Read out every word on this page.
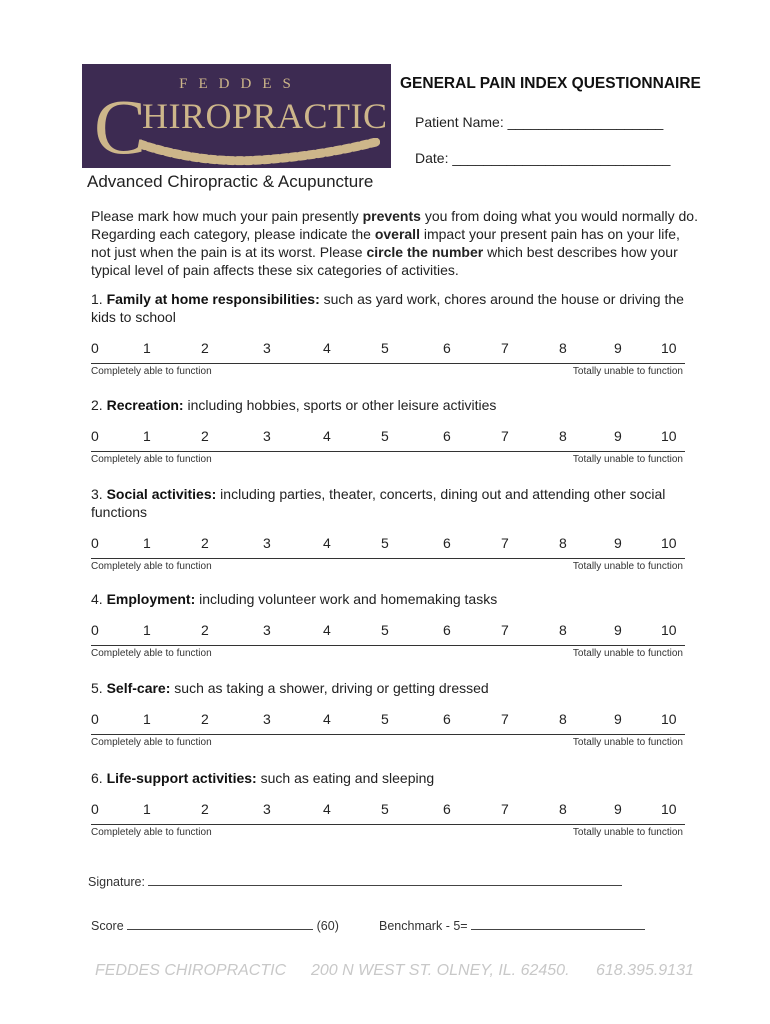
FEDDES
C
HIROPRACTIC
GENERAL PAIN INDEX QUESTIONNAIRE
Patient Name: ____________________
Date: ____________________________
Advanced Chiropractic & Acupuncture

Please mark how much your pain presently prevents you from doing what you would normally do. Regarding each category, please indicate the overall impact your present pain has on your life, not just when the pain is at its worst. Please circle the number which best describes how your typical level of pain affects these six categories of activities.

1. Family at home responsibilities: such as yard work, chores around the house or driving the kids to school

0	1	2	3	4	5	6	7	8	9	10
Completely able to function	Totally unable to function

2. Recreation: including hobbies, sports or other leisure activities

0	1	2	3	4	5	6	7	8	9	10
Completely able to function	Totally unable to function

3. Social activities: including parties, theater, concerts, dining out and attending other social functions

0	1	2	3	4	5	6	7	8	9	10
Completely able to function	Totally unable to function

4. Employment: including volunteer work and homemaking tasks

0	1	2	3	4	5	6	7	8	9	10
Completely able to function	Totally unable to function

5. Self-care: such as taking a shower, driving or getting dressed

0	1	2	3	4	5	6	7	8	9	10
Completely able to function	Totally unable to function

6. Life-support activities: such as eating and sleeping

0	1	2	3	4	5	6	7	8	9	10
Completely able to function	Totally unable to function
Signature:
Score	(60)	Benchmark - 5=
FEDDES CHIROPRACTIC 200 N WEST ST. OLNEY, IL. 62450. 618.395.9131
